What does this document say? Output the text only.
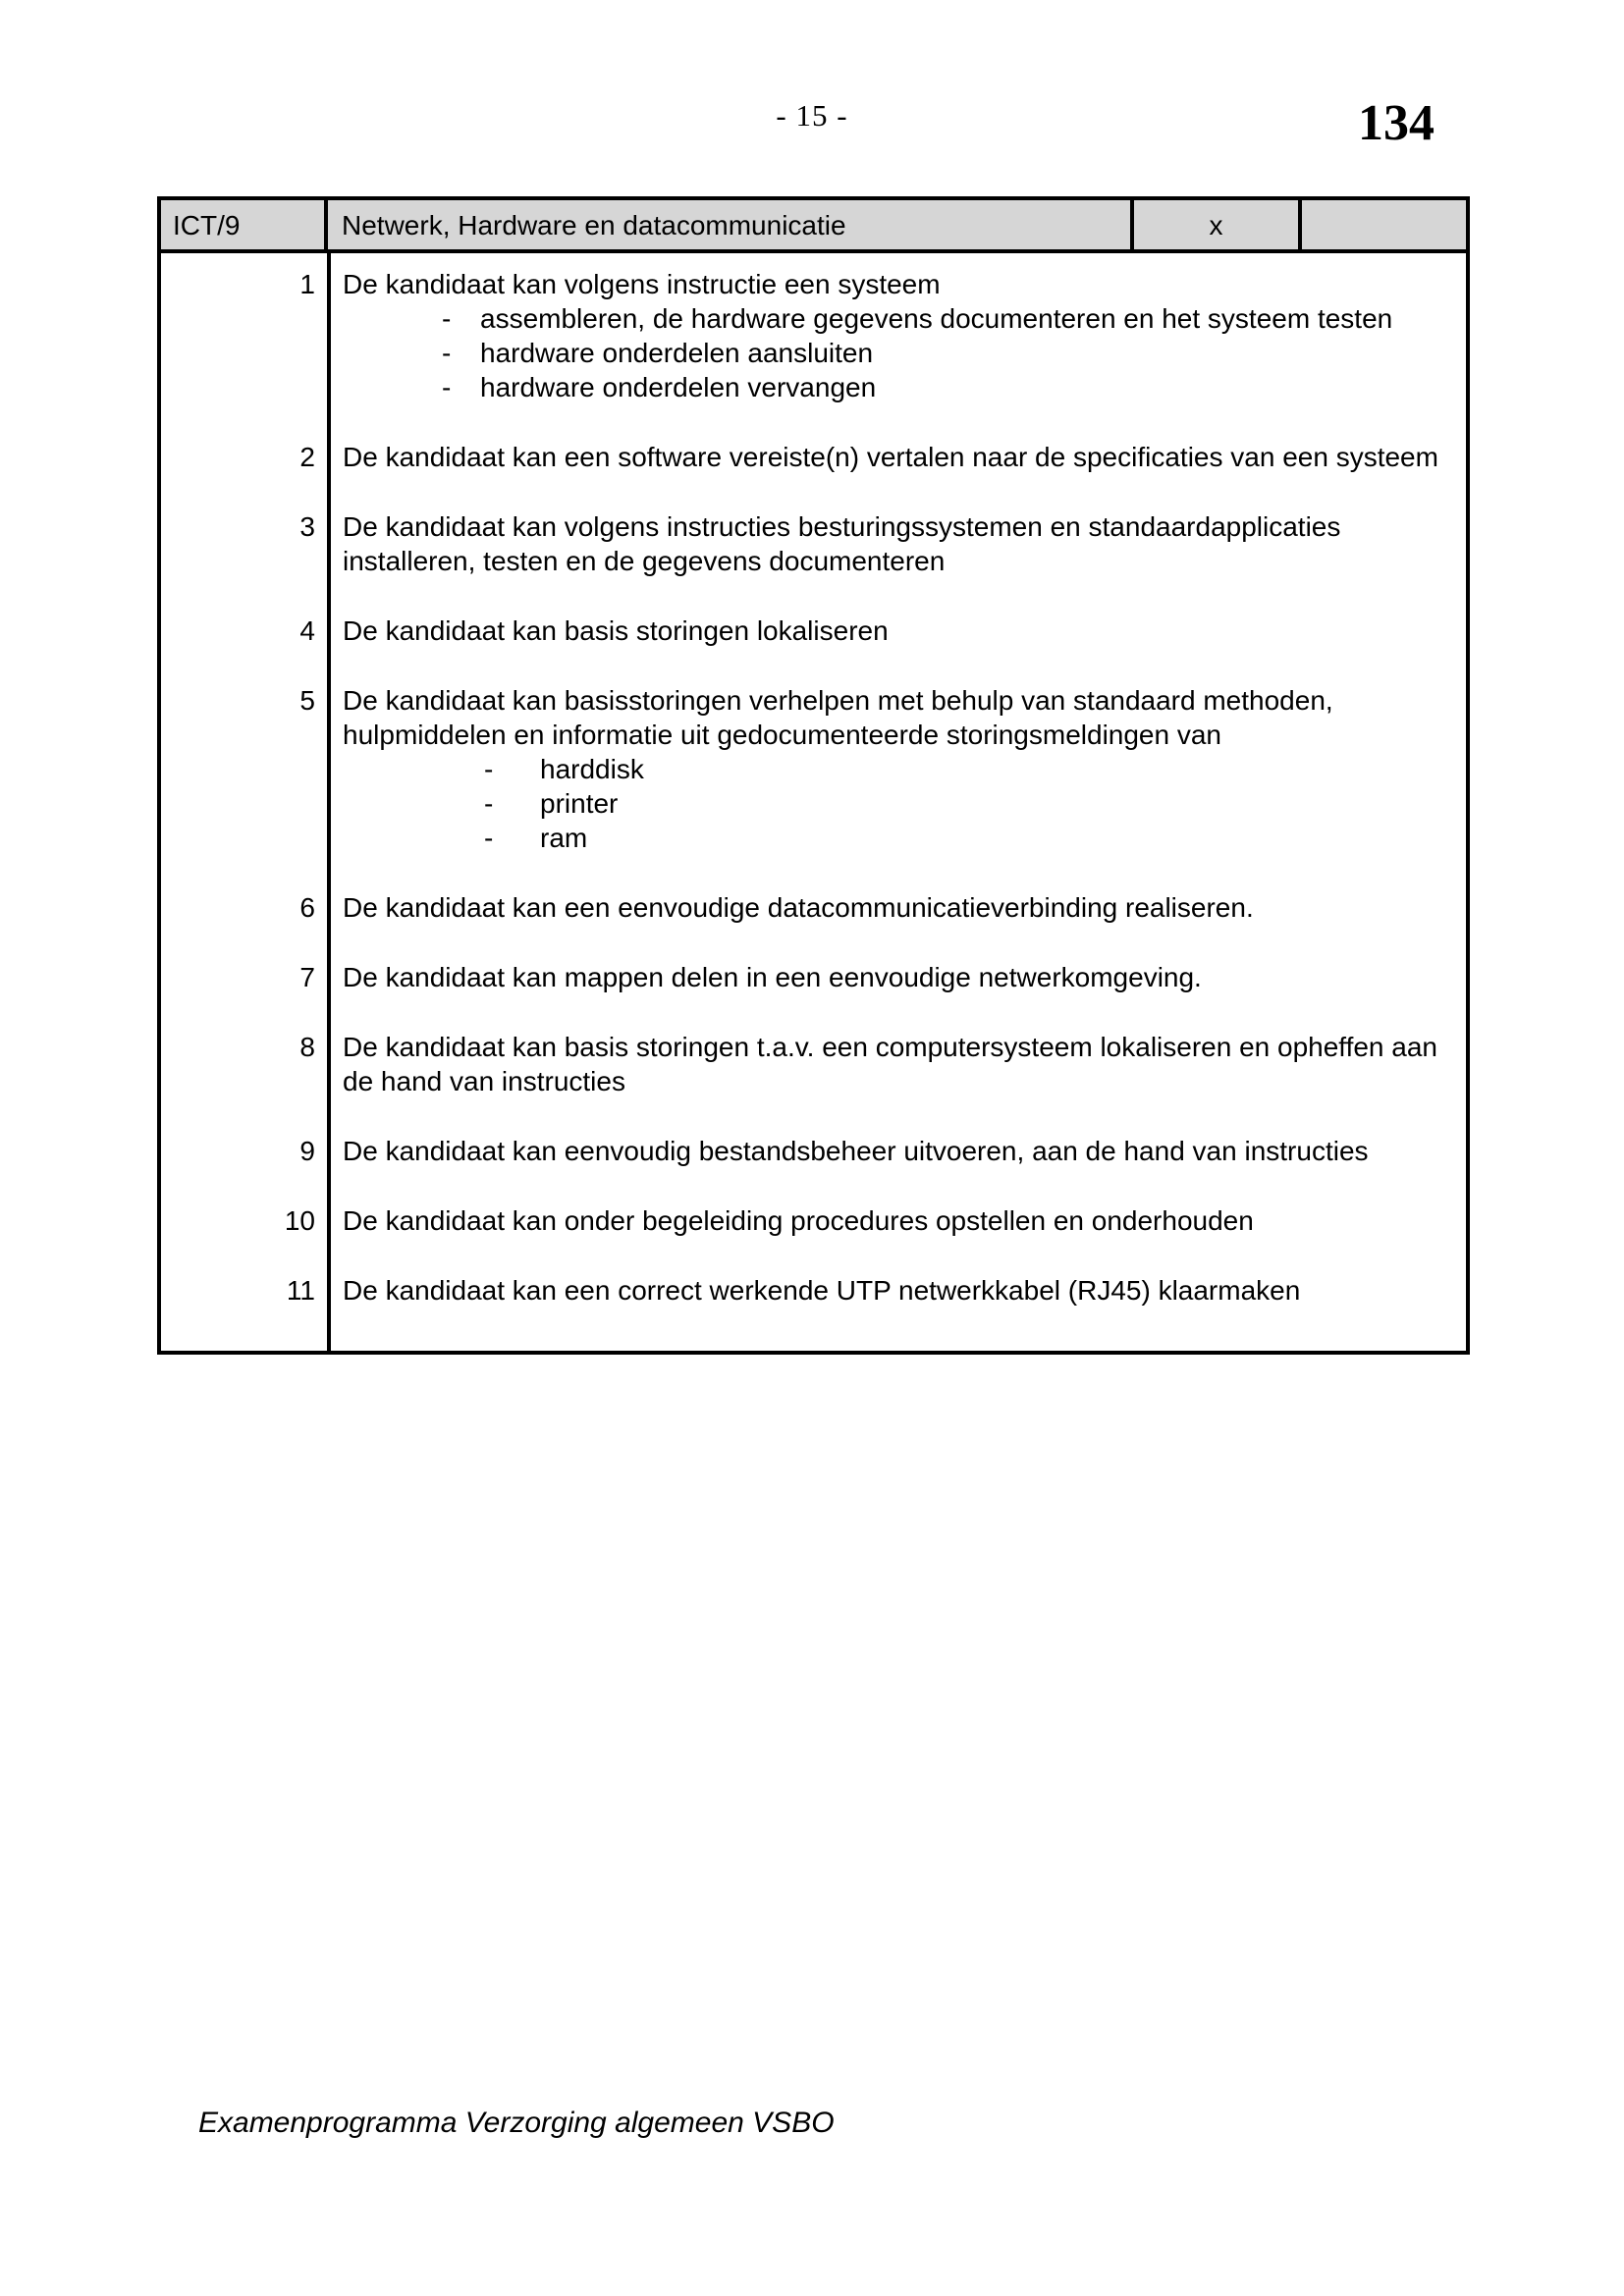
- 15 -	134
ICT/9	Netwerk, Hardware en datacommunicatie	x
1	De kandidaat kan volgens instructie een systeem
-	assembleren, de hardware gegevens documenteren en het systeem testen
-	hardware onderdelen aansluiten
-	hardware onderdelen vervangen
2	De kandidaat kan een software vereiste(n) vertalen naar de specificaties van een systeem
3	De kandidaat kan volgens instructies besturingssystemen en standaardapplicaties installeren, testen en de gegevens documenteren
4	De kandidaat kan basis storingen lokaliseren
5	De kandidaat kan basisstoringen verhelpen met behulp van standaard methoden, hulpmiddelen en informatie uit gedocumenteerde storingsmeldingen van
-	harddisk
-	printer
-	ram
6	De kandidaat kan een eenvoudige datacommunicatieverbinding realiseren.
7	De kandidaat kan mappen delen in een eenvoudige netwerkomgeving.
8	De kandidaat kan basis storingen t.a.v. een computersysteem lokaliseren en opheffen aan de hand van instructies
9	De kandidaat kan eenvoudig bestandsbeheer uitvoeren, aan de hand van instructies
10	De kandidaat kan onder begeleiding procedures opstellen en onderhouden
11	De kandidaat kan een correct werkende UTP netwerkkabel (RJ45) klaarmaken
Examenprogramma Verzorging algemeen VSBO
